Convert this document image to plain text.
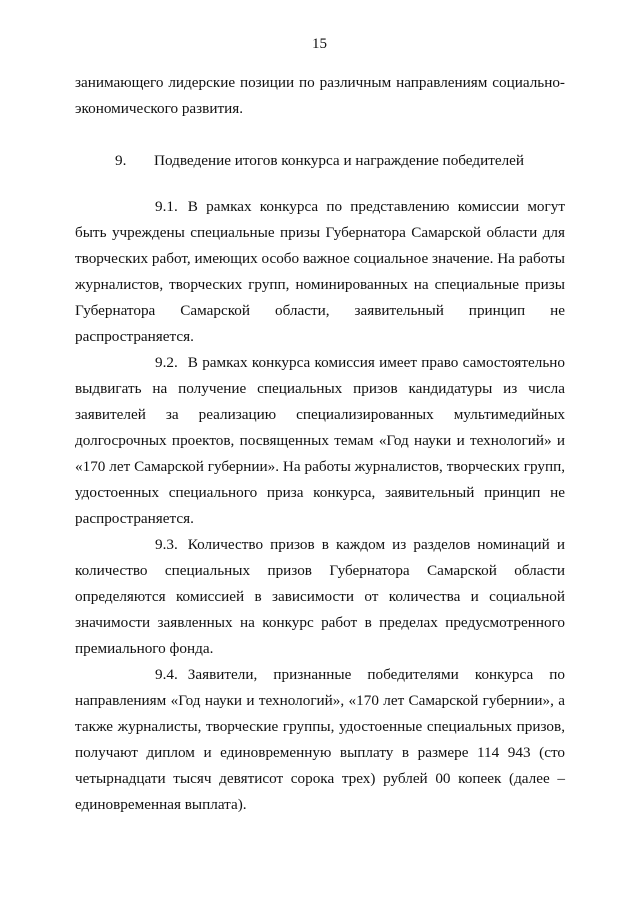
15

занимающего лидерские позиции по различным направлениям социально-экономического развития.

9. Подведение итогов конкурса и награждение победителей

9.1. В рамках конкурса по представлению комиссии могут быть учреждены специальные призы Губернатора Самарской области для творческих работ, имеющих особо важное социальное значение. На работы журналистов, творческих групп, номинированных на специальные призы Губернатора Самарской области, заявительный принцип не распространяется.

9.2. В рамках конкурса комиссия имеет право самостоятельно выдвигать на получение специальных призов кандидатуры из числа заявителей за реализацию специализированных мультимедийных долгосрочных проектов, посвященных темам «Год науки и технологий» и «170 лет Самарской губернии». На работы журналистов, творческих групп, удостоенных специального приза конкурса, заявительный принцип не распространяется.

9.3. Количество призов в каждом из разделов номинаций и количество специальных призов Губернатора Самарской области определяются комиссией в зависимости от количества и социальной значимости заявленных на конкурс работ в пределах предусмотренного премиального фонда.

9.4. Заявители, признанные победителями конкурса по направлениям «Год науки и технологий», «170 лет Самарской губернии», а также журналисты, творческие группы, удостоенные специальных призов, получают диплом и единовременную выплату в размере 114 943 (сто четырнадцати тысяч девятисот сорока трех) рублей 00 копеек (далее – единовременная выплата).
